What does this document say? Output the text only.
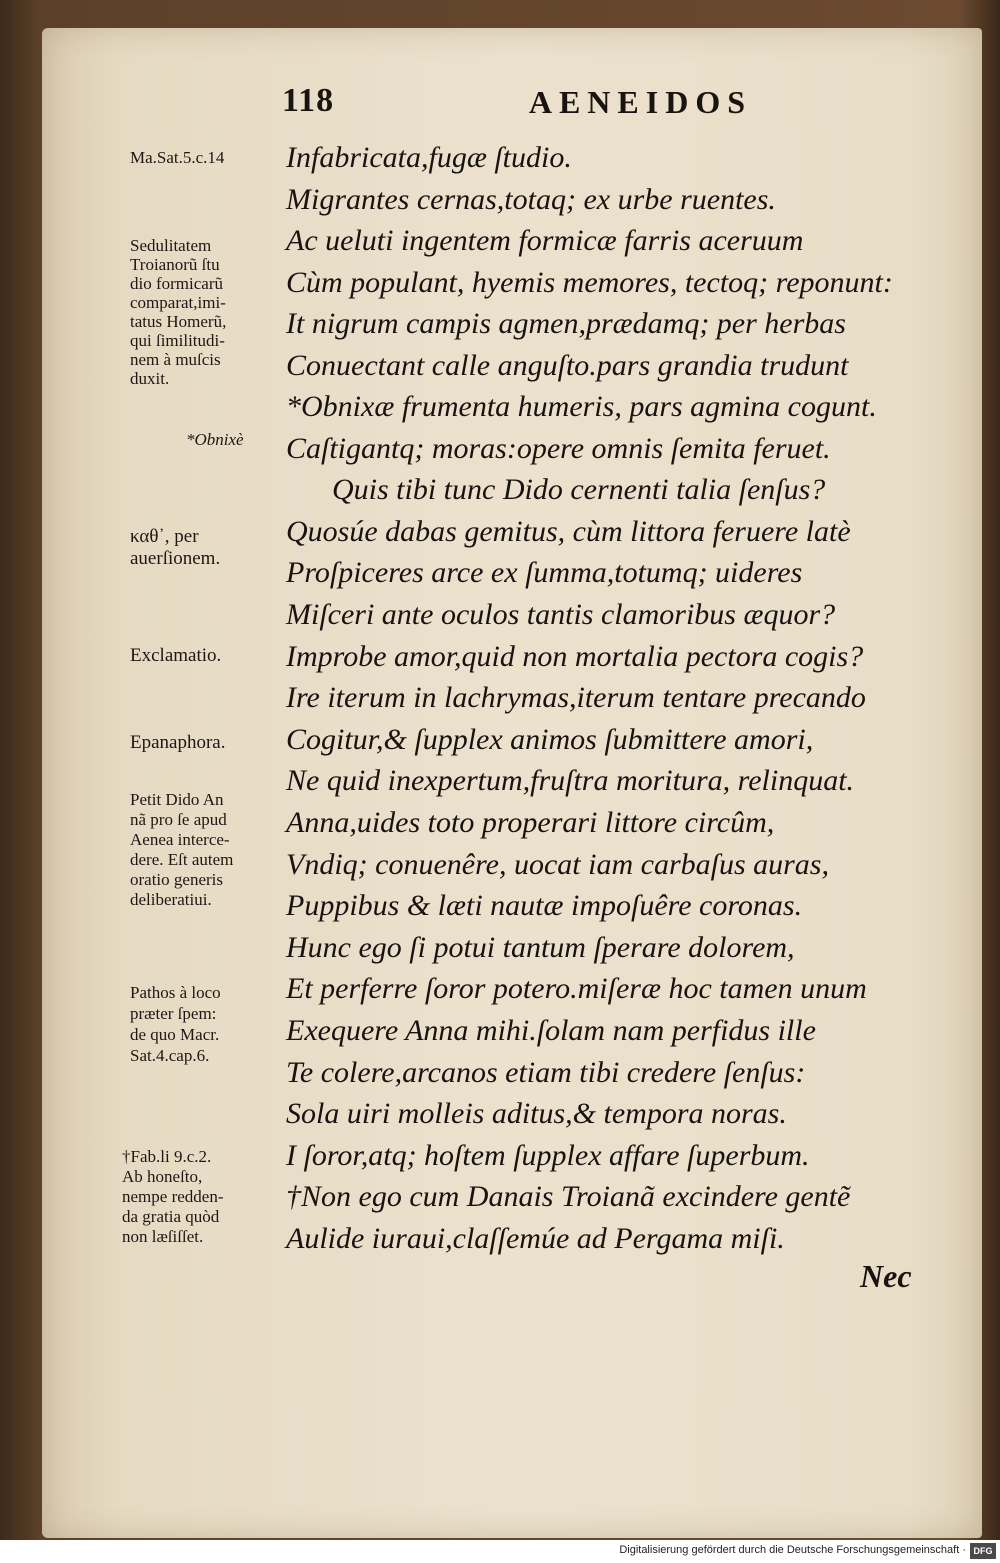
118	AENEIDOS
Infabricata,fugæ ſtudio.
Migrantes cernas,totaq; ex urbe ruentes.
Ac ueluti ingentem formicæ farris aceruum
Cùm populant, hyemis memores, tectoq; reponunt:
It nigrum campis agmen,prædamq; per herbas
Conuectant calle anguſto.pars grandia trudunt
*Obnixæ frumenta humeris, pars agmina cogunt.
Caſtigantq; moras:opere omnis ſemita feruet.
Quis tibi tunc Dido cernenti talia ſenſus?
Quosúe dabas gemitus, cùm littora feruere latè
Proſpiceres arce ex ſumma,totumq; uideres
Miſceri ante oculos tantis clamoribus æquor?
Improbe amor,quid non mortalia pectora cogis?
Ire iterum in lachrymas,iterum tentare precando
Cogitur,& ſupplex animos ſubmittere amori,
Ne quid inexpertum,fruſtra moritura, relinquat.
Anna,uides toto properari littore circûm,
Vndiq; conuenêre, uocat iam carbaſus auras,
Puppibus & læti nautæ impoſuêre coronas.
Hunc ego ſi potui tantum ſperare dolorem,
Et perferre ſoror potero.miſeræ hoc tamen unum
Exequere Anna mihi.ſolam nam perfidus ille
Te colere,arcanos etiam tibi credere ſenſus:
Sola uiri molleis aditus,& tempora noras.
I ſoror,atq; hoſtem ſupplex affare ſuperbum.
†Non ego cum Danais Troianã excindere gentẽ
Aulide iuraui,claſſemúe ad Pergama miſi.
Ma.Sat.5.c.14
Sedulitatem
Troianorũ ſtu
dio formicarũ
comparat,imi-
tatus Homerũ,
qui ſimilitudi-
nem à muſcis
duxit.
*Obnixè
καθ᾿, per
auerſionem.
Exclamatio.
Epanaphora.
Petit Dido An
nã pro ſe apud
Aenea interce-
dere. Eſt autem
oratio generis
deliberatiui.
Pathos à loco
præter ſpem:
de quo Macr.
Sat.4.cap.6.
†Fab.li 9.c.2.
Ab honeſto,
nempe redden-
da gratia quòd
non læſiſſet.
Nec
Digitalisierung gefördert durch die Deutsche Forschungsgemeinschaft · DFG
